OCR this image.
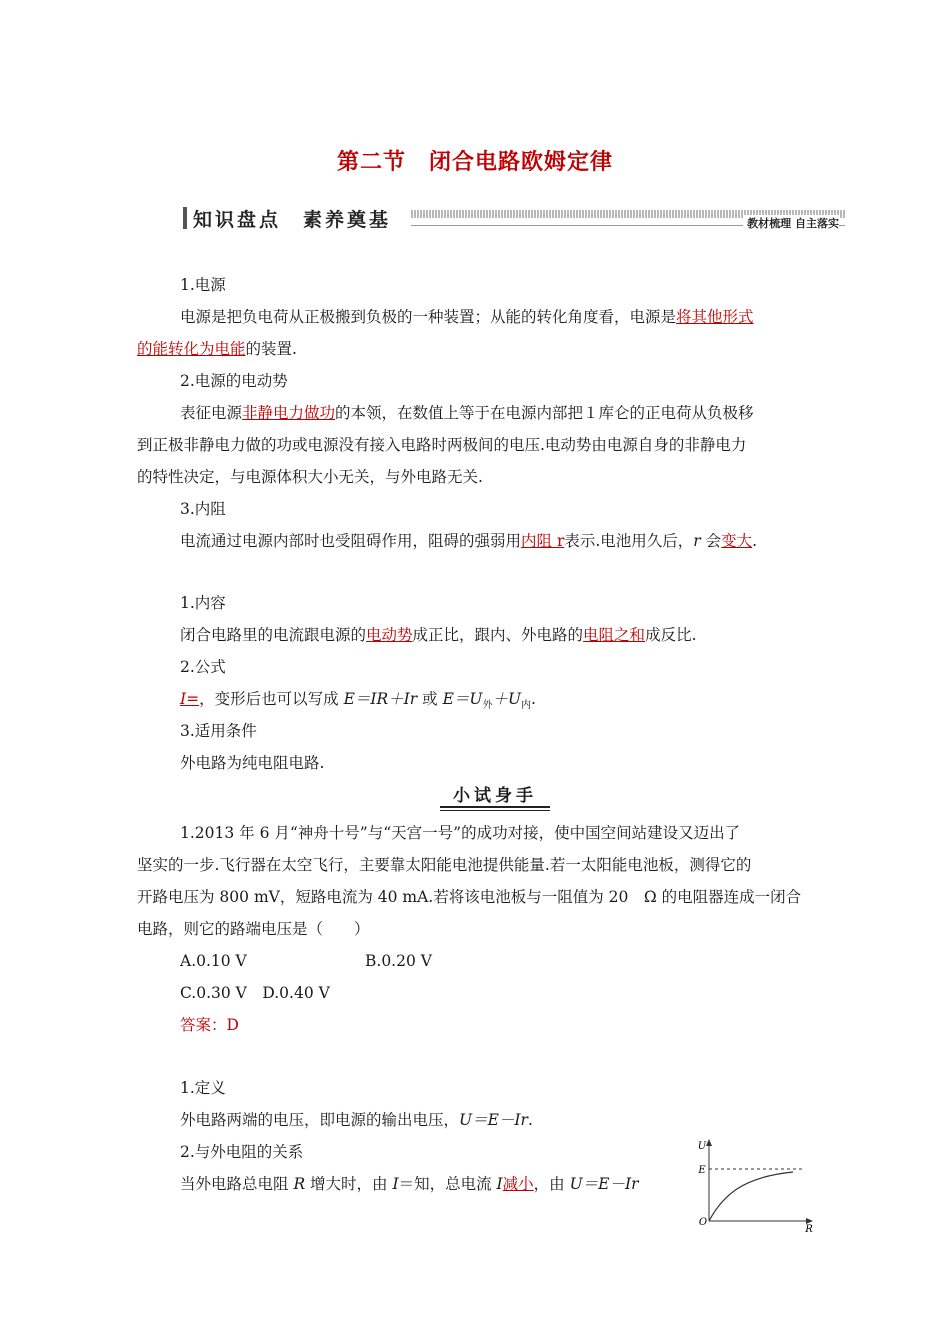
第二节　闭合电路欧姆定律
知识盘点　素养奠基	教材梳理 自主落实
1.电源
电源是把负电荷从正极搬到负极的一种装置；从能的转化角度看，电源是将其他形式
的能转化为电能的装置.
2.电源的电动势
表征电源非静电力做功的本领，在数值上等于在电源内部把１库仑的正电荷从负极移
到正极非静电力做的功或电源没有接入电路时两极间的电压.电动势由电源自身的非静电力
的特性决定，与电源体积大小无关，与外电路无关.
3.内阻
电流通过电源内部时也受阻碍作用，阻碍的强弱用内阻 r表示.电池用久后，r 会变大.
1.内容
闭合电路里的电流跟电源的电动势成正比，跟内、外电路的电阻之和成反比.
2.公式
I=，变形后也可以写成 E＝IR＋Ir 或 $E=U_外+U_内$.
3.适用条件
外电路为纯电阻电路.
小试身手
1.2013 年 6 月“神舟十号”与“天宫一号”的成功对接，使中国空间站建设又迈出了
坚实的一步.飞行器在太空飞行，主要靠太阳能电池提供能量.若一太阳能电池板，测得它的
开路电压为 800 mV，短路电流为 40 mA.若将该电池板与一阻值为 20　Ω 的电阻器连成一闭合
电路，则它的路端电压是（　　）
A.0.10 V	B.0.20 V
C.0.30 V　D.0.40 V
答案：D
1.定义
外电路两端的电压，即电源的输出电压，U＝E－Ir.
2.与外电阻的关系
当外电路总电阻 R 增大时，由 I＝知，总电流 I减小，由 U＝E－Ir
U
E
O
R
